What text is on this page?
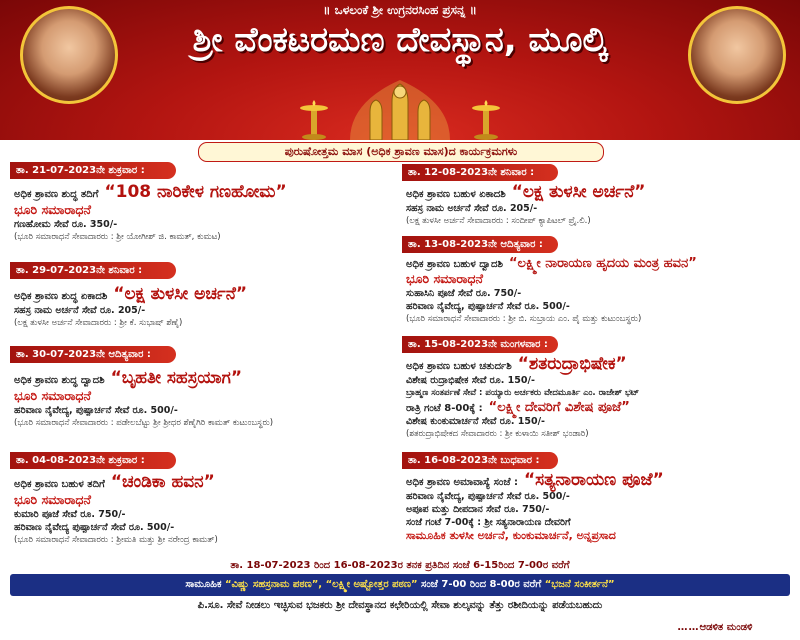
॥ ಒಳಲಂಕೆ ಶ್ರೀ ಉಗ್ರನರಸಿಂಹ ಪ್ರಸನ್ನ ॥
ಶ್ರೀ ವೆಂಕಟರಮಣ ದೇವಸ್ಥಾನ, ಮೂಲ್ಕಿ
ಪುರುಷೋತ್ತಮ ಮಾಸ (ಅಧಿಕ ಶ್ರಾವಣ ಮಾಸ)ದ ಕಾರ್ಯಕ್ರಮಗಳು
ತಾ. 21-07-2023ನೇ ಶುಕ್ರವಾರ :
ಅಧಿಕ ಶ್ರಾವಣ ಶುದ್ಧ ತದಿಗೆ “108 ನಾರಿಕೇಳ ಗಣಹೋಮ”
ಭೂರಿ ಸಮಾರಾಧನೆ
ಗಣಹೋಮ ಸೇವೆ ರೂ. 350/-
(ಭೂರಿ ಸಮಾರಾಧನೆ ಸೇವಾದಾರರು : ಶ್ರೀ ಯೋಗೀಶ್ ಜಿ. ಕಾಮತ್, ಕುಮಟ)
ತಾ. 29-07-2023ನೇ ಶನಿವಾರ :
ಅಧಿಕ ಶ್ರಾವಣ ಶುದ್ಧ ಏಕಾದಶಿ “ಲಕ್ಷ ತುಳಸೀ ಅರ್ಚನೆ”
ಸಹಸ್ರ ನಾಮ ಅರ್ಚನೆ ಸೇವೆ ರೂ. 205/-
(ಲಕ್ಷ ತುಳಸೀ ಅರ್ಚನೆ ಸೇವಾದಾರರು : ಶ್ರೀ ಕೆ. ಸುಭಾಷ್ ಶೆಣೈ)
ತಾ. 30-07-2023ನೇ ಆದಿತ್ಯವಾರ :
ಅಧಿಕ ಶ್ರಾವಣ ಶುದ್ಧ ದ್ವಾದಶಿ “ಬೃಹತೀ ಸಹಸ್ರಯಾಗ”
ಭೂರಿ ಸಮಾರಾಧನೆ
ಹರಿವಾಣ ನೈವೇದ್ಯ, ಪುಷ್ಪಾರ್ಚನೆ ಸೇವೆ ರೂ. 500/-
(ಭೂರಿ ಸಮಾರಾಧನೆ ಸೇವಾದಾರರು : ಪಡೇಲಬೆಟ್ಟು ಶ್ರೀ ಶ್ರೀಧರ ಶೆಣೈಗಿರಿ ಕಾಮತ್ ಕುಟುಂಬಸ್ಥರು)
ತಾ. 04-08-2023ನೇ ಶುಕ್ರವಾರ :
ಅಧಿಕ ಶ್ರಾವಣ ಬಹುಳ ತದಿಗೆ “ಚಂಡಿಕಾ ಹವನ”
ಭೂರಿ ಸಮಾರಾಧನೆ
ಕುಮಾರಿ ಪೂಜೆ ಸೇವೆ ರೂ. 750/-
ಹರಿವಾಣ ನೈವೇದ್ಯ ಪುಷ್ಪಾರ್ಚನೆ ಸೇವೆ ರೂ. 500/-
(ಭೂರಿ ಸಮಾರಾಧನೆ ಸೇವಾದಾರರು : ಶ್ರೀಮತಿ ಮತ್ತು ಶ್ರೀ ನರೇಂದ್ರ ಕಾಮತ್)
ತಾ. 12-08-2023ನೇ ಶನಿವಾರ :
ಅಧಿಕ ಶ್ರಾವಣ ಬಹುಳ ಏಕಾದಶಿ “ಲಕ್ಷ ತುಳಸೀ ಅರ್ಚನೆ”
ಸಹಸ್ರ ನಾಮ ಅರ್ಚನೆ ಸೇವೆ ರೂ. 205/-
(ಲಕ್ಷ ತುಳಸೀ ಅರ್ಚನೆ ಸೇವಾದಾರರು : ಸಂದೀಪ್ ಕ್ಯಾಪಿಟಲ್ ಪ್ರೈ.ಲಿ.)
ತಾ. 13-08-2023ನೇ ಆದಿತ್ಯವಾರ :
ಅಧಿಕ ಶ್ರಾವಣ ಬಹುಳ ದ್ವಾದಶಿ “ಲಕ್ಷ್ಮೀ ನಾರಾಯಣ ಹೃದಯ ಮಂತ್ರ ಹವನ”
ಭೂರಿ ಸಮಾರಾಧನೆ
ಸುಹಾಸಿನಿ ಪೂಜೆ ಸೇವೆ ರೂ. 750/-
ಹರಿವಾಣ ನೈವೇದ್ಯ, ಪುಷ್ಪಾರ್ಚನೆ ಸೇವೆ ರೂ. 500/-
(ಭೂರಿ ಸಮಾರಾಧನೆ ಸೇವಾದಾರರು : ಶ್ರೀ ಬಿ. ಸುಬ್ರಾಯ ಎಂ. ಪೈ ಮತ್ತು ಕುಟುಂಬಸ್ಥರು)
ತಾ. 15-08-2023ನೇ ಮಂಗಳವಾರ :
ಅಧಿಕ ಶ್ರಾವಣ ಬಹುಳ ಚತುರ್ದಶಿ “ಶತರುದ್ರಾಭಿಷೇಕ”
ವಿಶೇಷ ರುದ್ರಾಭಿಷೇಕ ಸೇವೆ ರೂ. 150/-
ಬ್ರಾಹ್ಮಣ ಸಂತರ್ಪಣೆ ಸೇವೆ : ಪಯ್ಯಾರು ಅರ್ಚಕರು ವೇದಮೂರ್ತಿ ಎಂ. ರಾಜೇಶ್ ಭಟ್
ರಾತ್ರಿ ಗಂಟೆ 8-00ಕ್ಕೆ : “ಲಕ್ಷ್ಮೀ ದೇವರಿಗೆ ವಿಶೇಷ ಪೂಜೆ”
ವಿಶೇಷ ಕುಂಕುಮಾರ್ಚನೆ ಸೇವೆ ರೂ. 150/-
(ಶತರುದ್ರಾಭಿಷೇಕದ ಸೇವಾದಾರರು : ಶ್ರೀ ಕುಳಾಯಿ ಸತೀಶ್ ಭಂಡಾರಿ)
ತಾ. 16-08-2023ನೇ ಬುಧವಾರ :
ಅಧಿಕ ಶ್ರಾವಣ ಅಮಾವಾಸ್ಯೆ ಸಂಜೆ : “ಸತ್ಯನಾರಾಯಣ ಪೂಜೆ”
ಹರಿವಾಣ ನೈವೇದ್ಯ, ಪುಷ್ಪಾರ್ಚನೆ ಸೇವೆ ರೂ. 500/-
ಅಪೂಪ ಮತ್ತು ದೀಪದಾನ ಸೇವೆ ರೂ. 750/-
ಸಂಜೆ ಗಂಟೆ 7-00ಕ್ಕೆ : ಶ್ರೀ ಸತ್ಯನಾರಾಯಣ ದೇವರಿಗೆ
ಸಾಮೂಹಿಕ ತುಳಸೀ ಅರ್ಚನೆ, ಕುಂಕುಮಾರ್ಚನೆ, ಅನ್ನಪ್ರಸಾದ
ತಾ. 18-07-2023 ರಿಂದ 16-08-2023ರ ತನಕ ಪ್ರತಿದಿನ ಸಂಜೆ 6-15ರಿಂದ 7-00ರ ವರೆಗೆ
ಸಾಮೂಹಿಕ “ವಿಷ್ಣು ಸಹಸ್ರನಾಮ ಪಠಣ”, “ಲಕ್ಷ್ಮೀ ಅಷ್ಟೋತ್ತರ ಪಠಣ” ಸಂಜೆ 7-00 ರಿಂದ 8-00ರ ವರೆಗೆ “ಭಜನೆ ಸಂಕೀರ್ತನೆ”
ಪಿ.ಸೂ. ಸೇವೆ ನೀಡಲು ಇಚ್ಛಿಸುವ ಭಜಕರು ಶ್ರೀ ದೇವಸ್ಥಾನದ ಕಛೇರಿಯಲ್ಲಿ ಸೇವಾ ಶುಲ್ಕವನ್ನು ತೆತ್ತು ರಶೀದಿಯನ್ನು ಪಡೆಯಬಹುದು
……ಆಡಳಿತ ಮಂಡಳಿ
